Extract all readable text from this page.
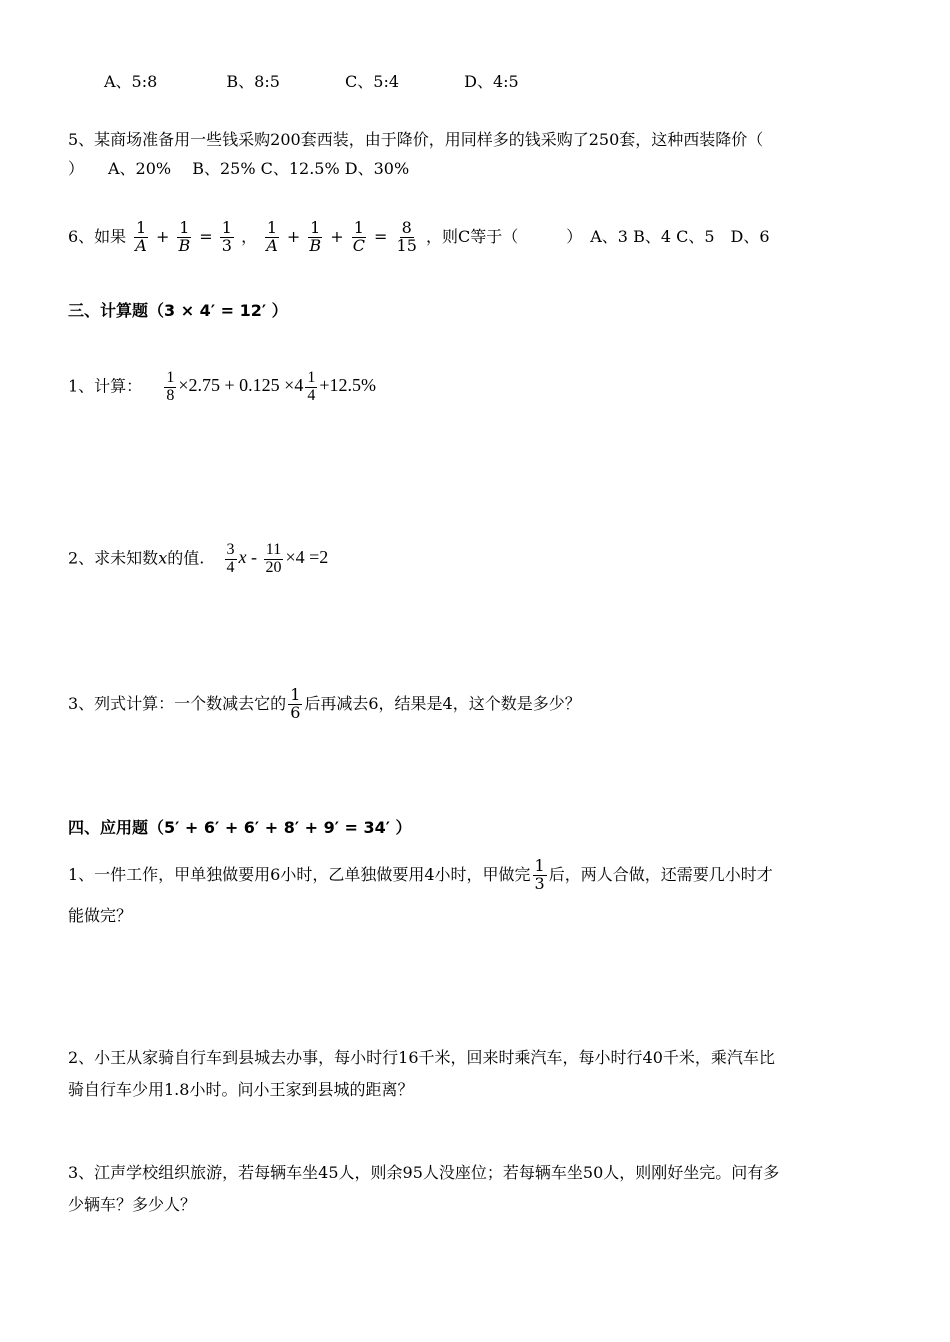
A、5:8	B、8:5	C、5:4	D、4:5
5、某商场准备用一些钱采购200套西装，由于降价，用同样多的钱采购了250套，这种西装降价（
）　　A、20%　 B、25% C、12.5% D、30%
6、如果 $\frac{1}{A} + \frac{1}{B} = \frac{1}{3}$ ， $\frac{1}{A} + \frac{1}{B} + \frac{1}{C} = \frac{8}{15}$ ，则C等于（　　　）　A、3 B、4 C、5　D、6
三、计算题（3 × 4′ = 12′ ）
1、计算： $\frac{1}{8} \times 2.75 + 0.125 \times 4 \frac{1}{4} +12.5\%$
2、求未知数x的值. $\frac{3}{4}$ $x - \frac{11}{20} \times 4 =2$
3、列式计算：一个数减去它的 $\frac{1}{6}$ 后再减去6，结果是4，这个数是多少？
四、应用题（5′ + 6′ + 6′ + 8′ + 9′ = 34′ ）
1、一件工作，甲单独做要用6小时，乙单独做要用4小时，甲做完 $\frac{1}{3}$ 后，两人合做，还需要几小时才
能做完？
2、小王从家骑自行车到县城去办事，每小时行16千米，回来时乘汽车，每小时行40千米，乘汽车比
骑自行车少用1.8小时。问小王家到县城的距离？
3、江声学校组织旅游，若每辆车坐45人，则余95人没座位；若每辆车坐50人，则刚好坐完。问有多
少辆车？多少人？
